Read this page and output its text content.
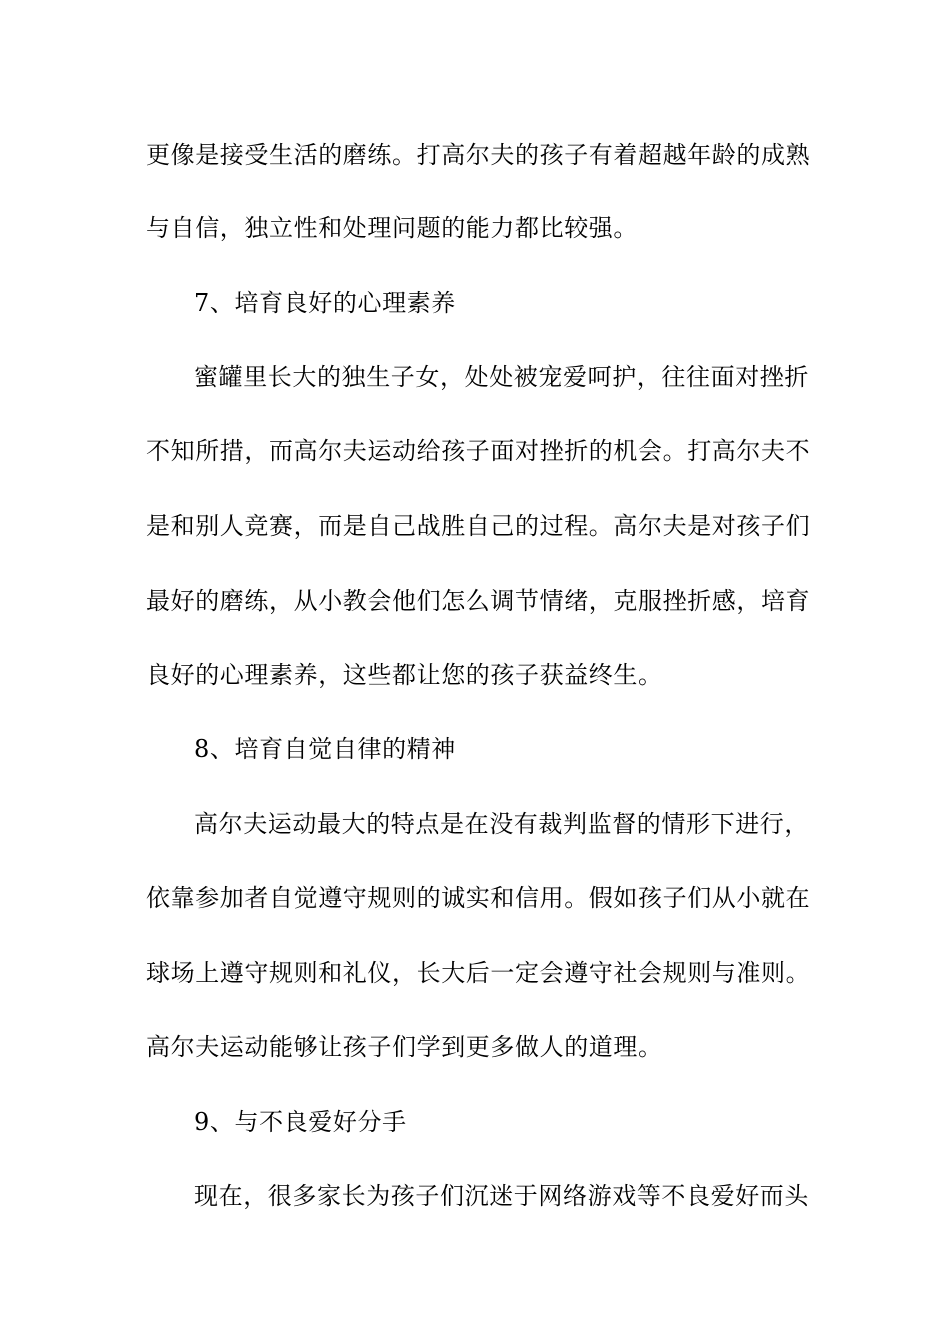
更像是接受生活的磨练。打高尔夫的孩子有着超越年龄的成熟
与自信，独立性和处理问题的能力都比较强。
7、培育良好的心理素养
蜜罐里长大的独生子女，处处被宠爱呵护，往往面对挫折
不知所措，而高尔夫运动给孩子面对挫折的机会。打高尔夫不
是和别人竞赛，而是自己战胜自己的过程。高尔夫是对孩子们
最好的磨练，从小教会他们怎么调节情绪，克服挫折感，培育
良好的心理素养，这些都让您的孩子获益终生。
8、培育自觉自律的精神
高尔夫运动最大的特点是在没有裁判监督的情形下进行，
依靠参加者自觉遵守规则的诚实和信用。假如孩子们从小就在
球场上遵守规则和礼仪，长大后一定会遵守社会规则与准则。
高尔夫运动能够让孩子们学到更多做人的道理。
9、与不良爱好分手
现在，很多家长为孩子们沉迷于网络游戏等不良爱好而头
